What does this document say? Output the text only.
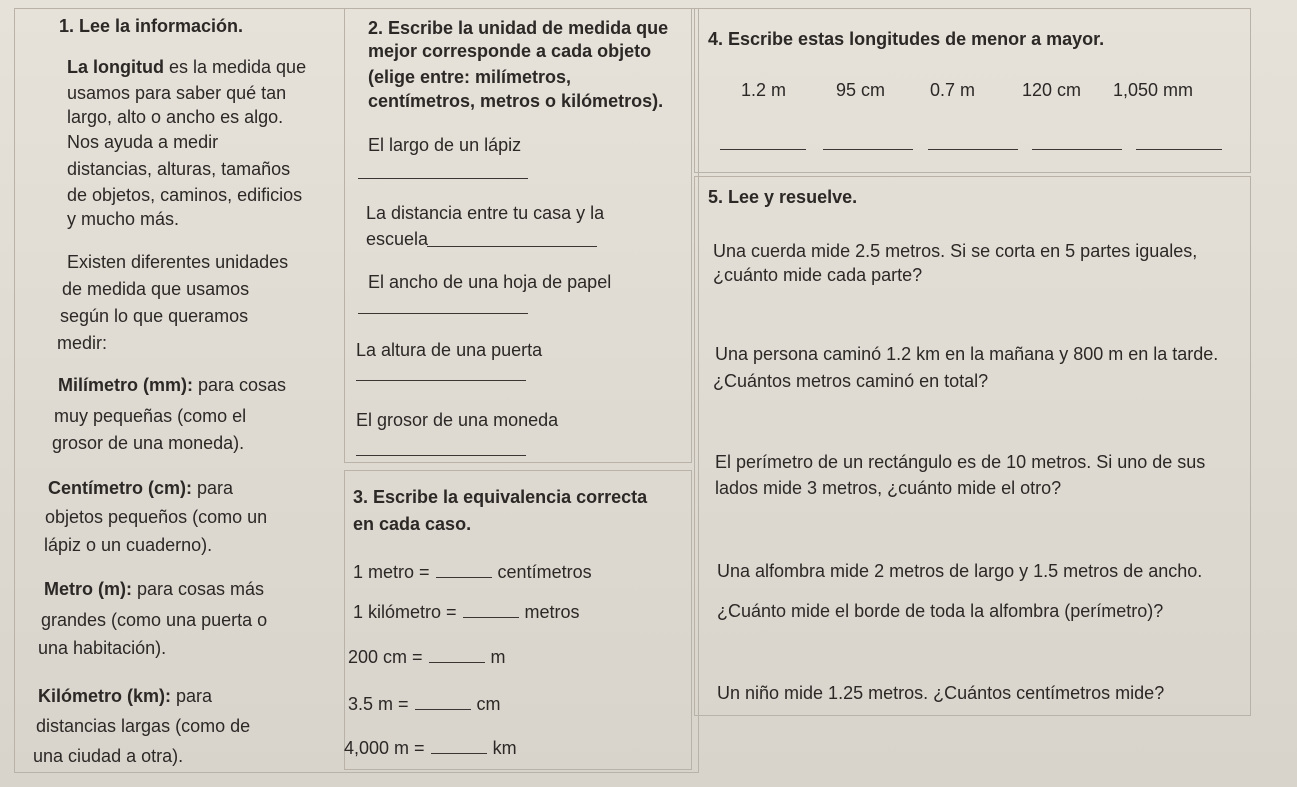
1. Lee la información.
La longitud es la medida que
usamos para saber qué tan
largo, alto o ancho es algo.
Nos ayuda a medir
distancias, alturas, tamaños
de objetos, caminos, edificios
y mucho más.
Existen diferentes unidades
de medida que usamos
según lo que queramos
medir:
Milímetro (mm): para cosas
muy pequeñas (como el
grosor de una moneda).
Centímetro (cm): para
objetos pequeños (como un
lápiz o un cuaderno).
Metro (m): para cosas más
grandes (como una puerta o
una habitación).
Kilómetro (km): para
distancias largas (como de
una ciudad a otra).
2. Escribe la unidad de medida que
mejor corresponde a cada objeto
(elige entre: milímetros,
centímetros, metros o kilómetros).
El largo de un lápiz
La distancia entre tu casa y la
escuela
El ancho de una hoja de papel
La altura de una puerta
El grosor de una moneda
3. Escribe la equivalencia correcta
en cada caso.
1 metro =	centímetros
1 kilómetro =	metros
200 cm =	m
3.5 m =	cm
4,000 m =	km
4. Escribe estas longitudes de menor a mayor.
1.2 m	95 cm 0.7 m	120 cm 1,050 mm
5. Lee y resuelve.
Una cuerda mide 2.5 metros. Si se corta en 5 partes iguales,
¿cuánto mide cada parte?
Una persona caminó 1.2 km en la mañana y 800 m en la tarde.
¿Cuántos metros caminó en total?
El perímetro de un rectángulo es de 10 metros. Si uno de sus
lados mide 3 metros, ¿cuánto mide el otro?
Una alfombra mide 2 metros de largo y 1.5 metros de ancho.
¿Cuánto mide el borde de toda la alfombra (perímetro)?
Un niño mide 1.25 metros. ¿Cuántos centímetros mide?
